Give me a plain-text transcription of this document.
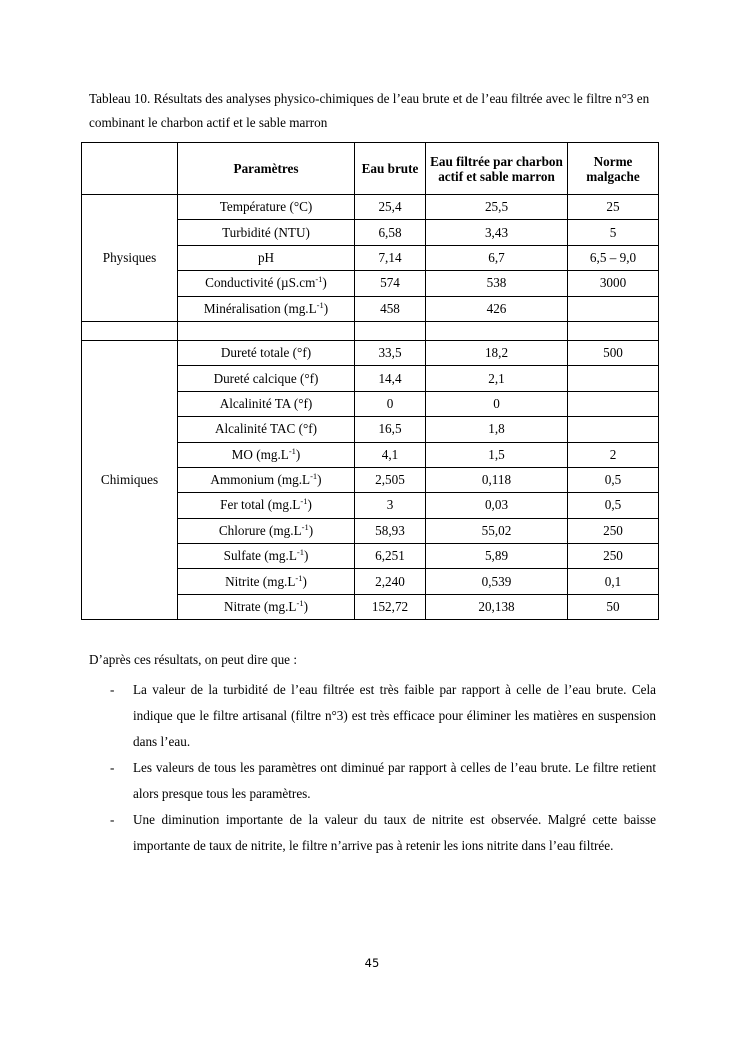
Tableau 10. Résultats des analyses physico-chimiques de l’eau brute et de l’eau filtrée avec le filtre n°3 en combinant le charbon actif et le sable marron
	Paramètres	Eau brute	Eau filtrée par charbon actif et sable marron	Norme malgache
Physiques	Température (°C)	25,4	25,5	25
	Turbidité (NTU)	6,58	3,43	5
	pH	7,14	6,7	6,5 – 9,0
	Conductivité $(\mu S.cm^{-1})$	574	538	3000
	Minéralisation $(mg.L^{-1})$	458	426	

Chimiques	Dureté totale (°f)	33,5	18,2	500
	Dureté calcique (°f)	14,4	2,1	
	Alcalinité TA (°f)	0	0	
	Alcalinité TAC (°f)	16,5	1,8	
	MO $(mg.L^{-1})$	4,1	1,5	2
	Ammonium $(mg.L^{-1})$	2,505	0,118	0,5
	Fer total $(mg.L^{-1})$	3	0,03	0,5
	Chlorure $(mg.L^{-1})$	58,93	55,02	250
	Sulfate $(mg.L^{-1})$	6,251	5,89	250
	Nitrite $(mg.L^{-1})$	2,240	0,539	0,1
	Nitrate $(mg.L^{-1})$	152,72	20,138	50
D’après ces résultats, on peut dire que :
- La valeur de la turbidité de l’eau filtrée est très faible par rapport à celle de l’eau brute. Cela indique que le filtre artisanal (filtre n°3) est très efficace pour éliminer les matières en suspension dans l’eau.
- Les valeurs de tous les paramètres ont diminué par rapport à celles de l’eau brute. Le filtre retient alors presque tous les paramètres.
- Une diminution importante de la valeur du taux de nitrite est observée. Malgré cette baisse importante de taux de nitrite, le filtre n’arrive pas à retenir les ions nitrite dans l’eau filtrée.
45
